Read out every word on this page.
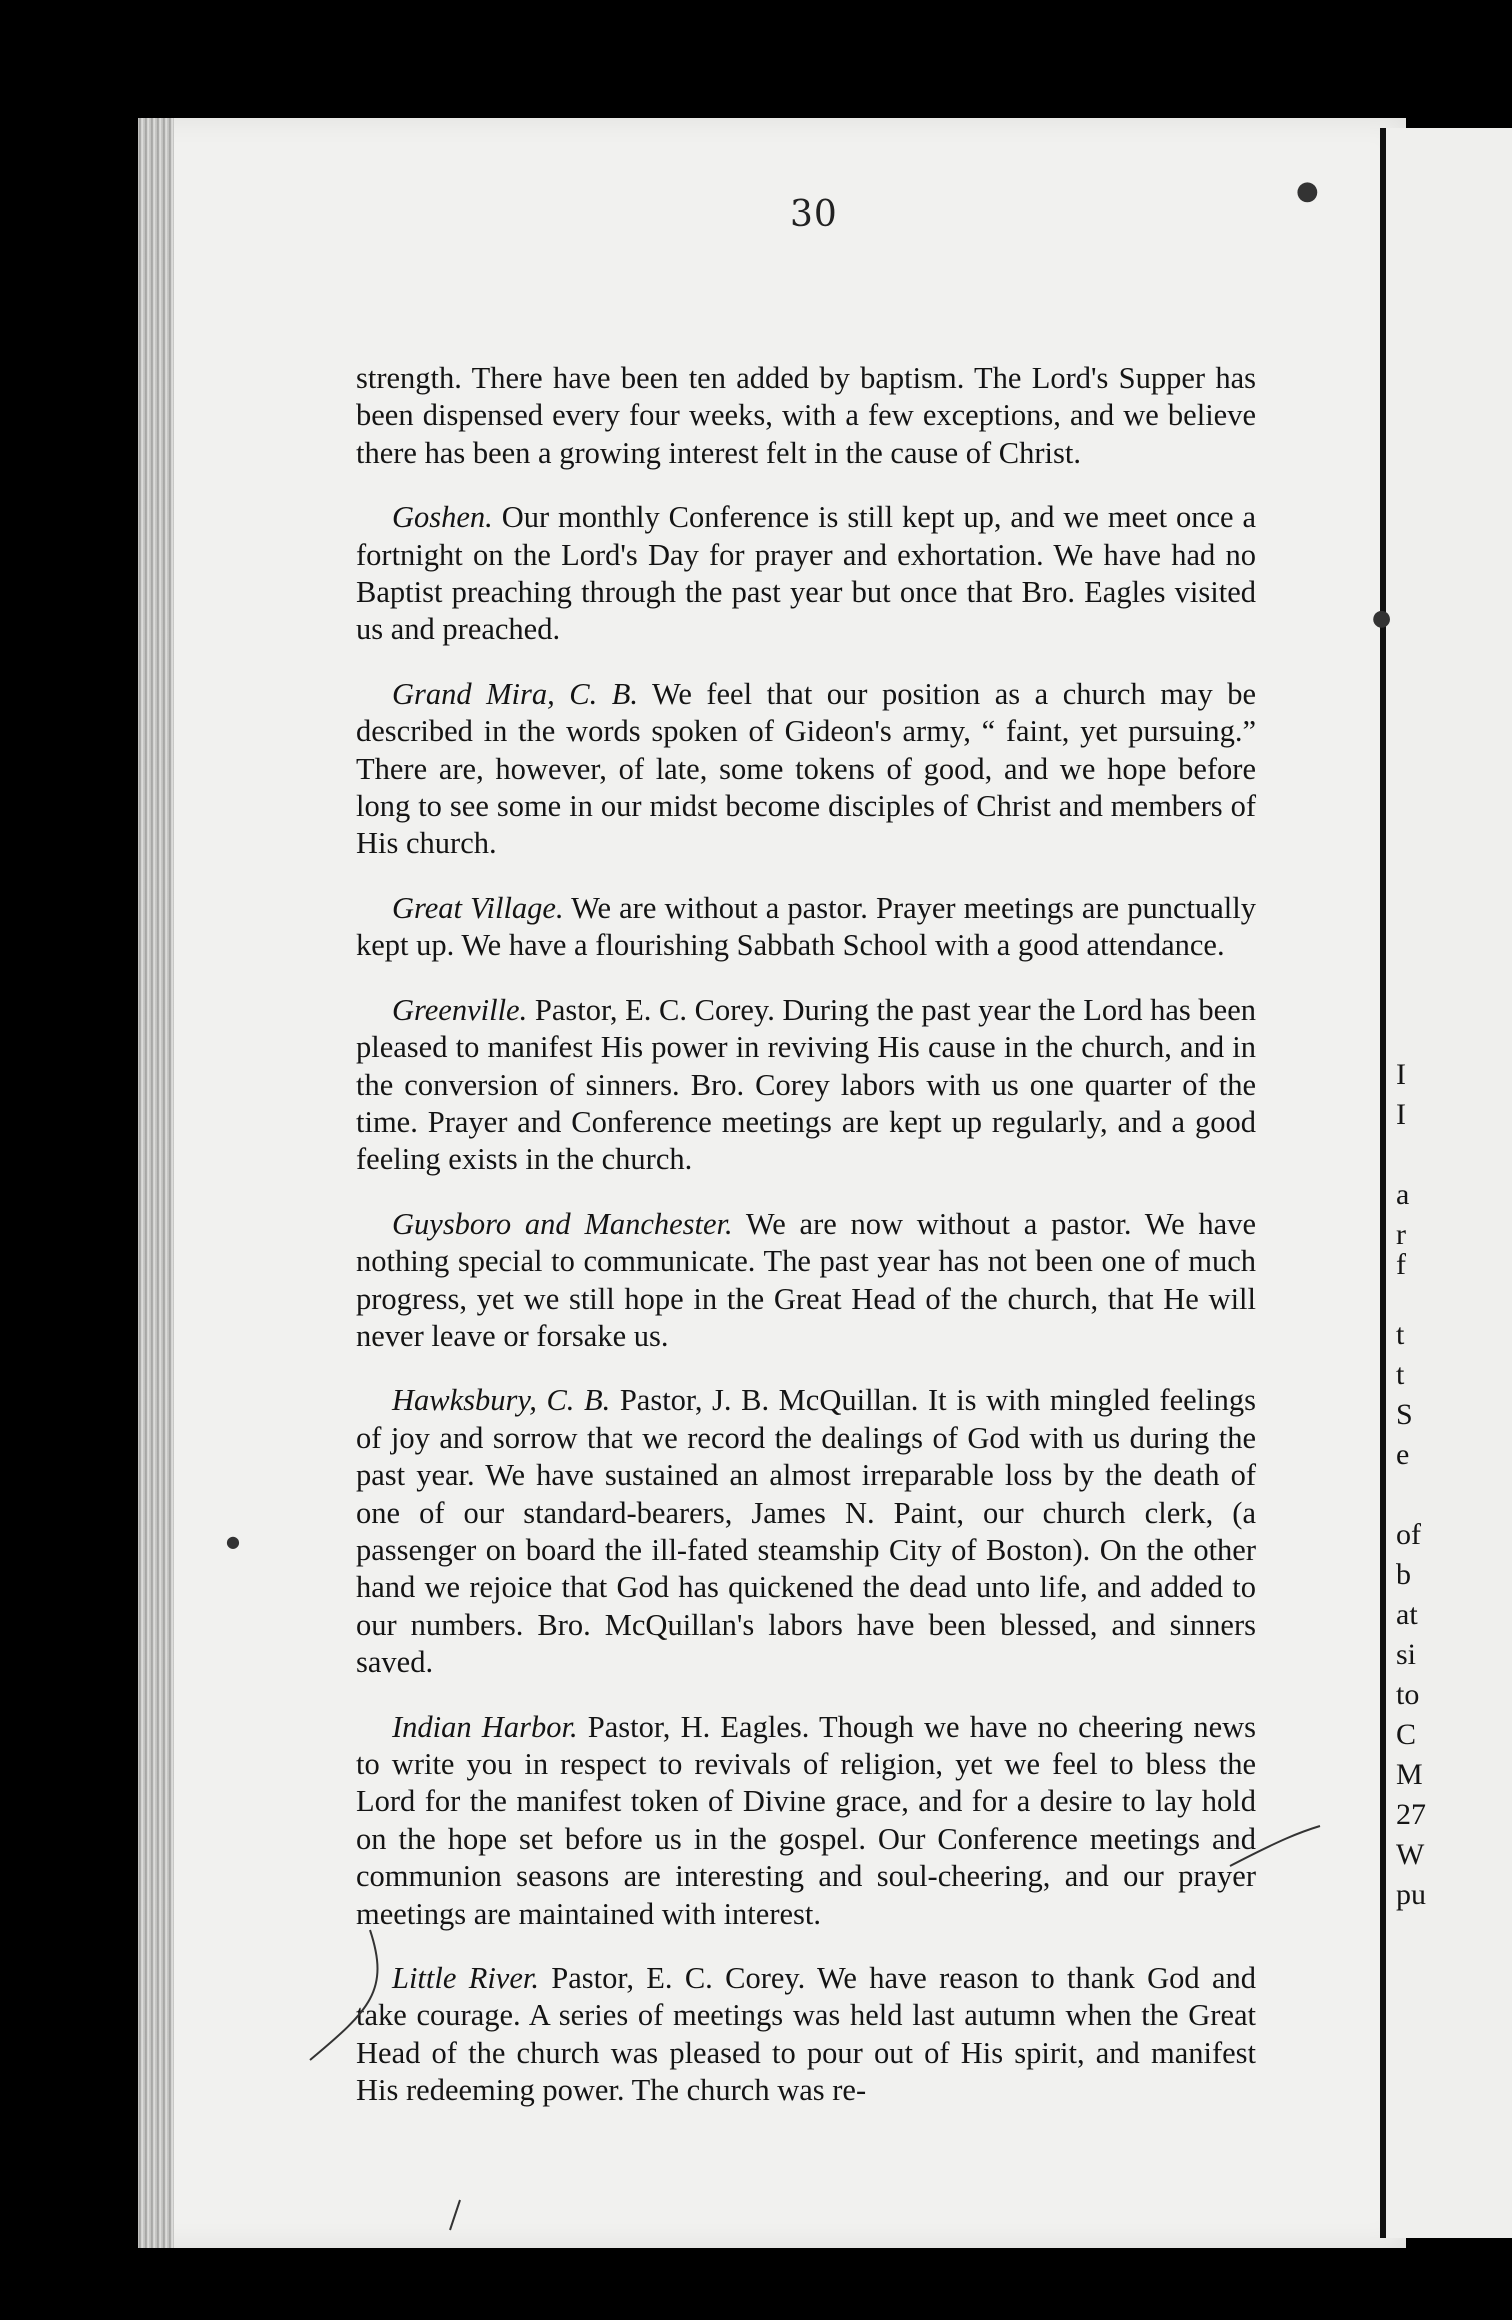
I
I
a
r
f
t
t
S
e
of
b
at
si
to
C
M
27
W
pu
30

strength. There have been ten added by baptism. The Lord's Supper has been dispensed every four weeks, with a few exceptions, and we believe there has been a growing interest felt in the cause of Christ.

Goshen. Our monthly Conference is still kept up, and we meet once a fortnight on the Lord's Day for prayer and exhortation. We have had no Baptist preaching through the past year but once that Bro. Eagles visited us and preached.

Grand Mira, C. B. We feel that our position as a church may be described in the words spoken of Gideon's army, “ faint, yet pursuing.” There are, however, of late, some tokens of good, and we hope before long to see some in our midst become disciples of Christ and members of His church.

Great Village. We are without a pastor. Prayer meetings are punctually kept up. We have a flourishing Sabbath School with a good attendance.

Greenville. Pastor, E. C. Corey. During the past year the Lord has been pleased to manifest His power in reviving His cause in the church, and in the conversion of sinners. Bro. Corey labors with us one quarter of the time. Prayer and Conference meetings are kept up regularly, and a good feeling exists in the church.

Guysboro and Manchester. We are now without a pastor. We have nothing special to communicate. The past year has not been one of much progress, yet we still hope in the Great Head of the church, that He will never leave or forsake us.

Hawksbury, C. B. Pastor, J. B. McQuillan. It is with mingled feelings of joy and sorrow that we record the dealings of God with us during the past year. We have sustained an almost irreparable loss by the death of one of our standard-bearers, James N. Paint, our church clerk, (a passenger on board the ill-fated steamship City of Boston). On the other hand we rejoice that God has quickened the dead unto life, and added to our numbers. Bro. McQuillan's labors have been blessed, and sinners saved.

Indian Harbor. Pastor, H. Eagles. Though we have no cheering news to write you in respect to revivals of religion, yet we feel to bless the Lord for the manifest token of Divine grace, and for a desire to lay hold on the hope set before us in the gospel. Our Conference meetings and communion seasons are interesting and soul-cheering, and our prayer meetings are maintained with interest.

Little River. Pastor, E. C. Corey. We have reason to thank God and take courage. A series of meetings was held last autumn when the Great Head of the church was pleased to pour out of His spirit, and manifest His redeeming power. The church was re-

●
●
●
